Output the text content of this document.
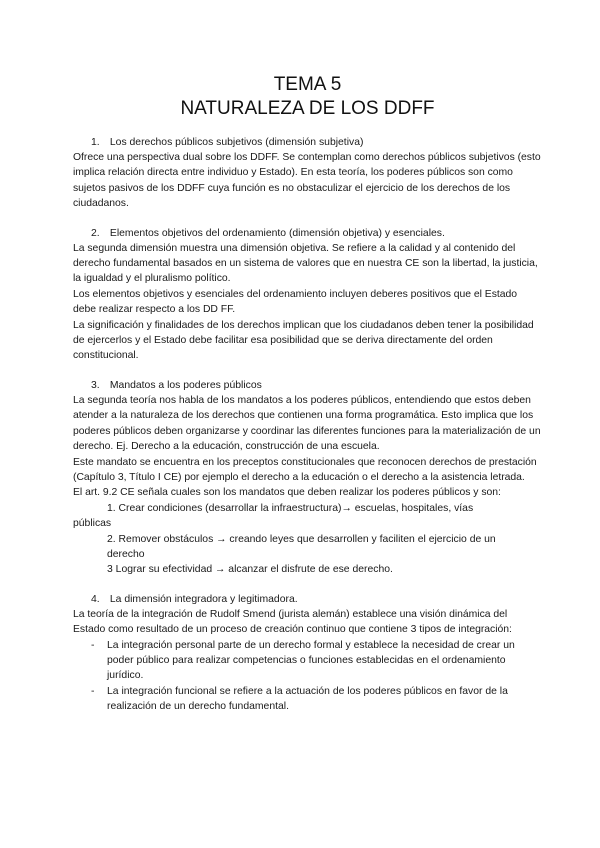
TEMA 5
NATURALEZA DE LOS DDFF
1. Los derechos públicos subjetivos (dimensión subjetiva)

Ofrece una perspectiva dual sobre los DDFF. Se contemplan como derechos públicos subjetivos (esto implica relación directa entre individuo y Estado). En esta teoría, los poderes públicos son como sujetos pasivos de los DDFF cuya función es no obstaculizar el ejercicio de los derechos de los ciudadanos.

2. Elementos objetivos del ordenamiento (dimensión objetiva) y esenciales.

La segunda dimensión muestra una dimensión objetiva. Se refiere a la calidad y al contenido del derecho fundamental basados en un sistema de valores que en nuestra CE son la libertad, la justicia, la igualdad y el pluralismo político.

Los elementos objetivos y esenciales del ordenamiento incluyen deberes positivos que el Estado debe realizar respecto a los DD FF.

La significación y finalidades de los derechos implican que los ciudadanos deben tener la posibilidad de ejercerlos y el Estado debe facilitar esa posibilidad que se deriva directamente del orden constitucional.

3. Mandatos a los poderes públicos

La segunda teoría nos habla de los mandatos a los poderes públicos, entendiendo que estos deben atender a la naturaleza de los derechos que contienen una forma programática. Esto implica que los poderes públicos deben organizarse y coordinar las diferentes funciones para la materialización de un derecho. Ej. Derecho a la educación, construcción de una escuela.

Este mandato se encuentra en los preceptos constitucionales que reconocen derechos de prestación (Capítulo 3, Título I CE) por ejemplo el derecho a la educación o el derecho a la asistencia letrada.

El art. 9.2 CE señala cuales son los mandatos que deben realizar los poderes públicos y son:

1. Crear condiciones (desarrollar la infraestructura)→ escuelas, hospitales, vías
públicas
2. Remover obstáculos → creando leyes que desarrollen y faciliten el ejercicio de un
derecho
3 Lograr su efectividad → alcanzar el disfrute de ese derecho.
4. La dimensión integradora y legitimadora.

La teoría de la integración de Rudolf Smend (jurista alemán) establece una visión dinámica del Estado como resultado de un proceso de creación continuo que contiene 3 tipos de integración:

- La integración personal parte de un derecho formal y establece la necesidad de crear un poder público para realizar competencias o funciones establecidas en el ordenamiento jurídico.
- La integración funcional se refiere a la actuación de los poderes públicos en favor de la realización de un derecho fundamental.
